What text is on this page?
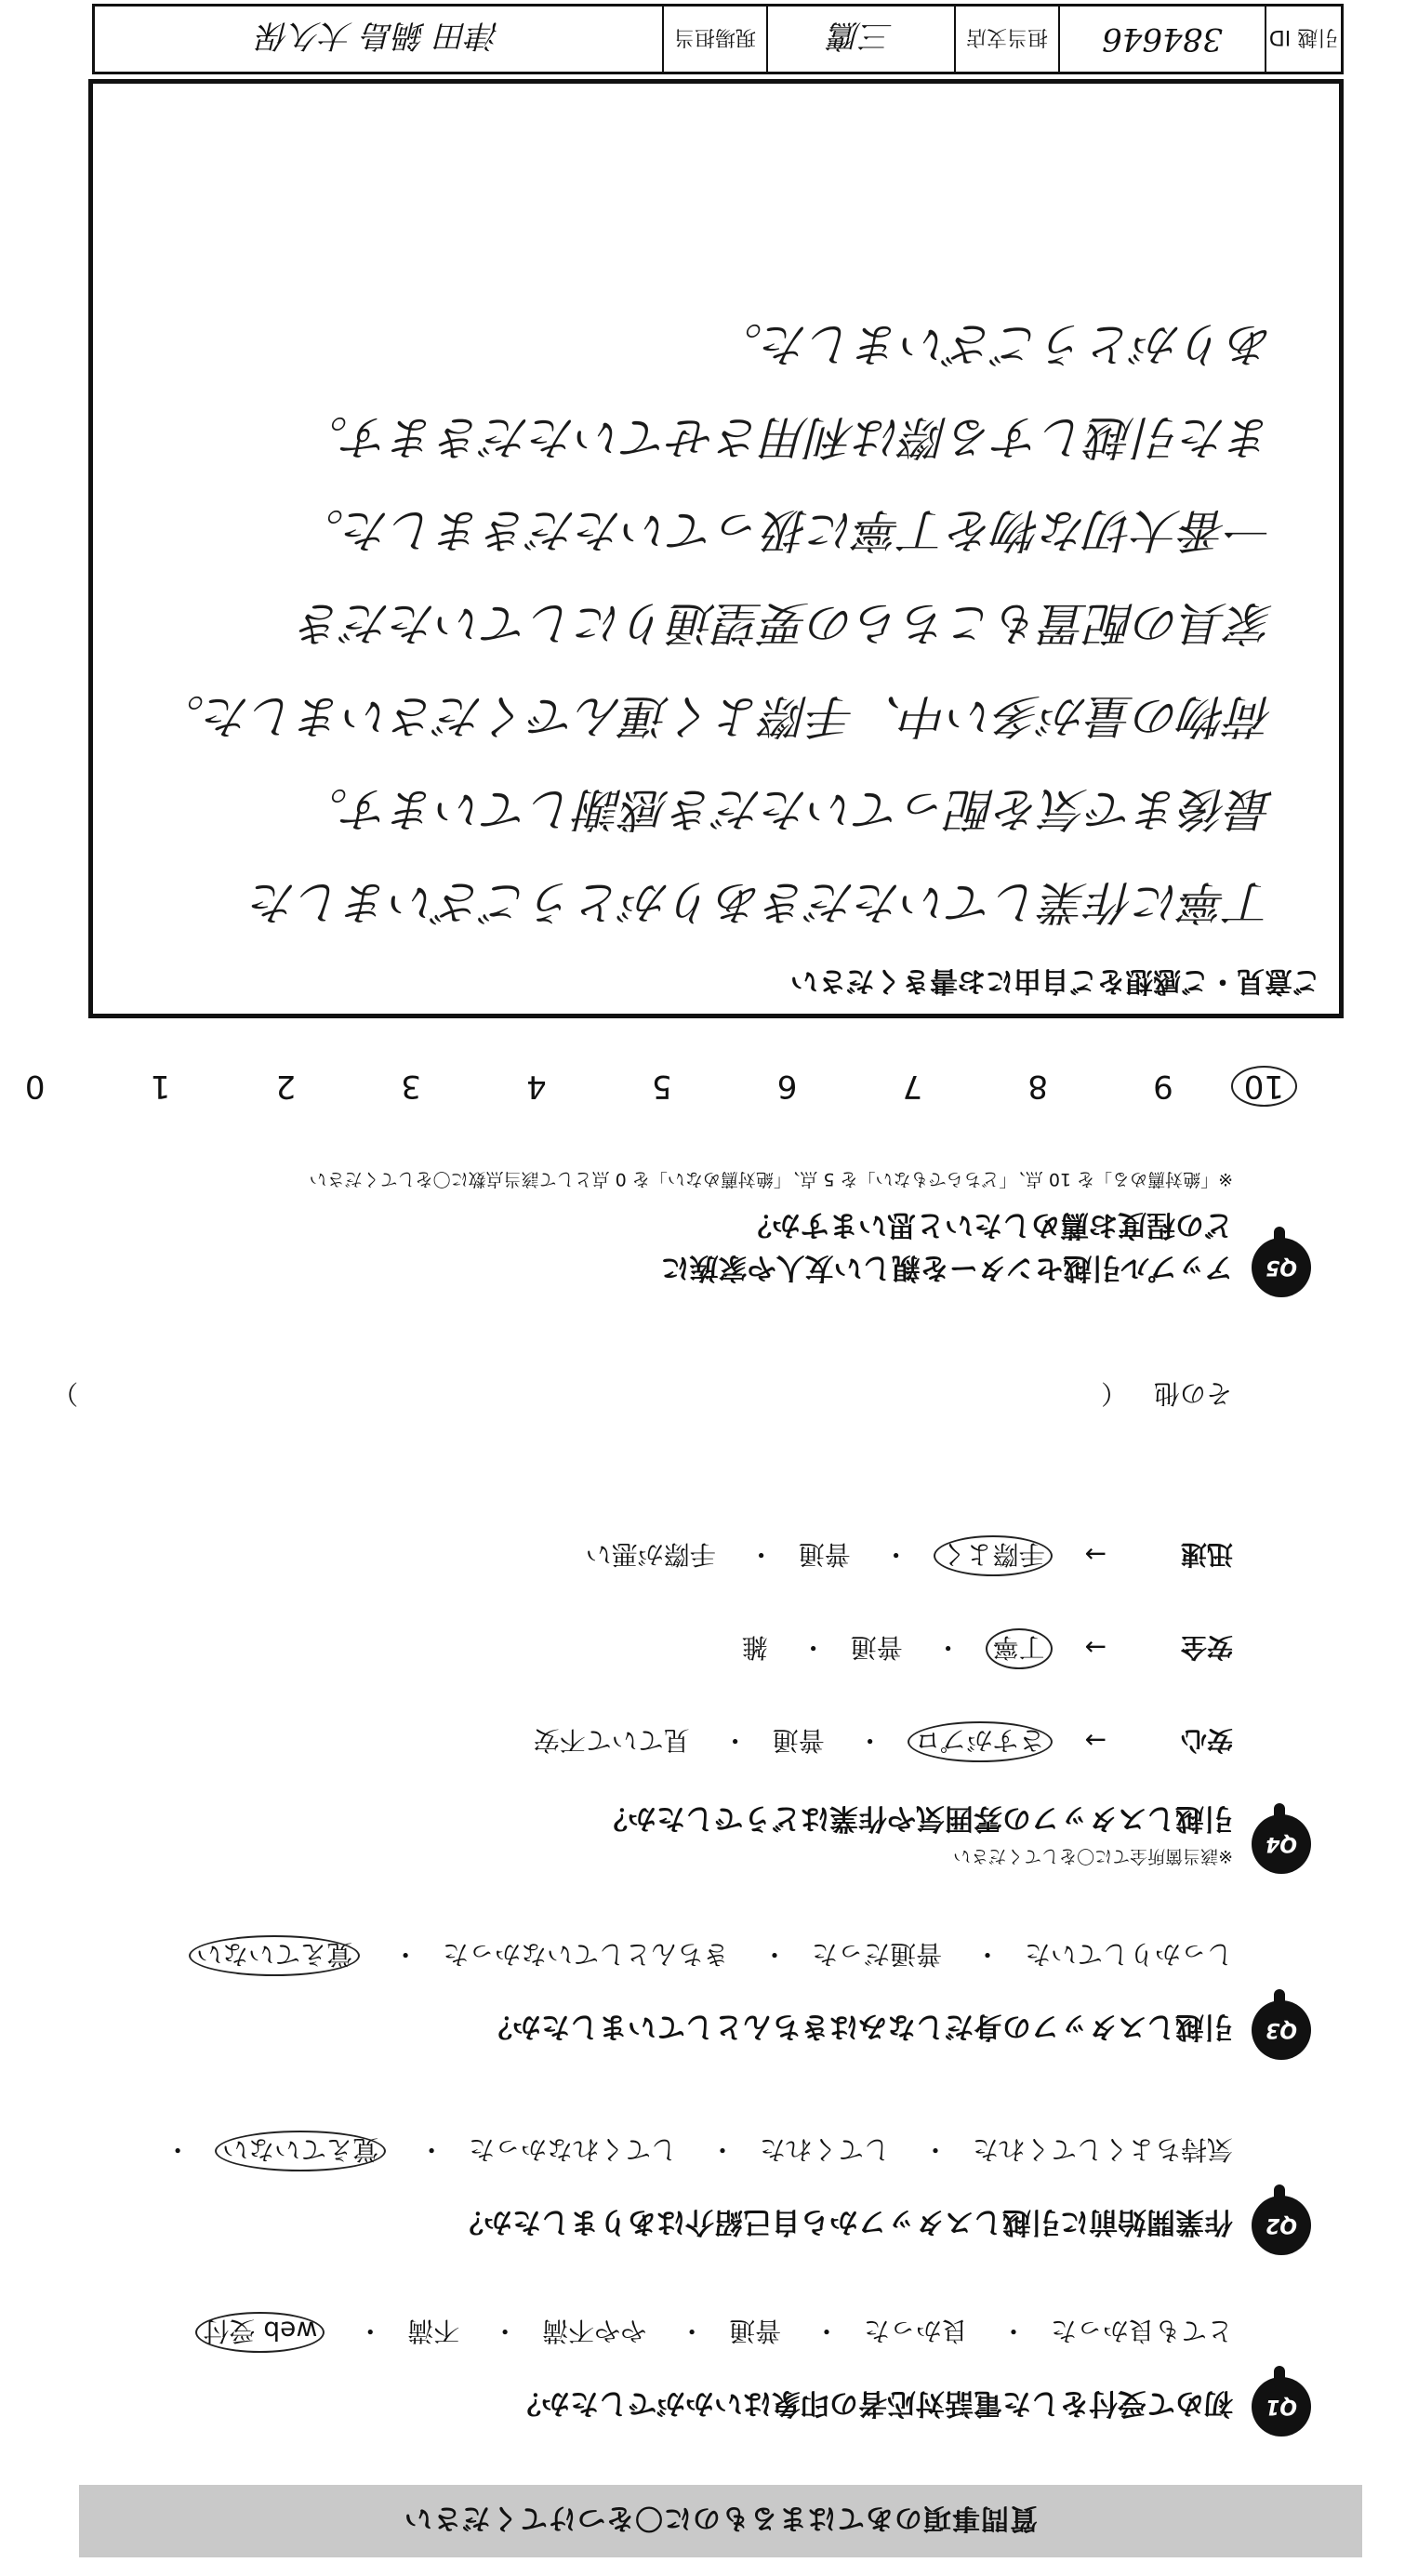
質問事項のあてはまるものに〇をつけてください
Q1
初めて受付をした電話対応者の印象はいかがでしたか？
とても良かった・ 良かった・ 普通・ やや不満・ 不満・ web 受付
Q2
作業開始前に引越しスタッフから自己紹介はありましたか？
気持ちよくしてくれた・ してくれた・ してくれなかった・ 覚えていない・
Q3
引越しスタッフの身だしなみはきちんとしていましたか？
しっかりしていた・ 普通だった・ きちんとしていなかった・ 覚えていない
Q4
※該当箇所全てに〇をしてください
引越しスタッフの雰囲気や作業はどうでしたか？
安心→ さすがプロ・ 普通・ 見ていて不安
安全→ 丁寧・ 普通・ 雑
迅速→ 手際よく・ 普通・ 手際が悪い
その他 （）
Q5
アップル引越センターを親しい友人や家族に
どの程度お薦めしたいと思いますか？
※「絶対薦める」を 10 点、「どちらでもない」を 5 点、「絶対薦めない」を 0 点として該当点数に〇をしてください
10 9 8 7 6 5 4 3 2 1 0
ご意見・ご感想をご自由にお書きください
丁寧に作業していただきありがとうございました
最後まで気を配っていただき感謝しています。
荷物の量が多い中、手際よく運んでくださいました。
家具の配置もこちらの要望通りにしていただき
一番大切な物を丁寧に扱っていただきました。
また引越しする際は利用させていただきます。
ありがとうございました。
引越 ID
384646
担当支店
三鷹
現場担当
津田 鍋島 大久保
